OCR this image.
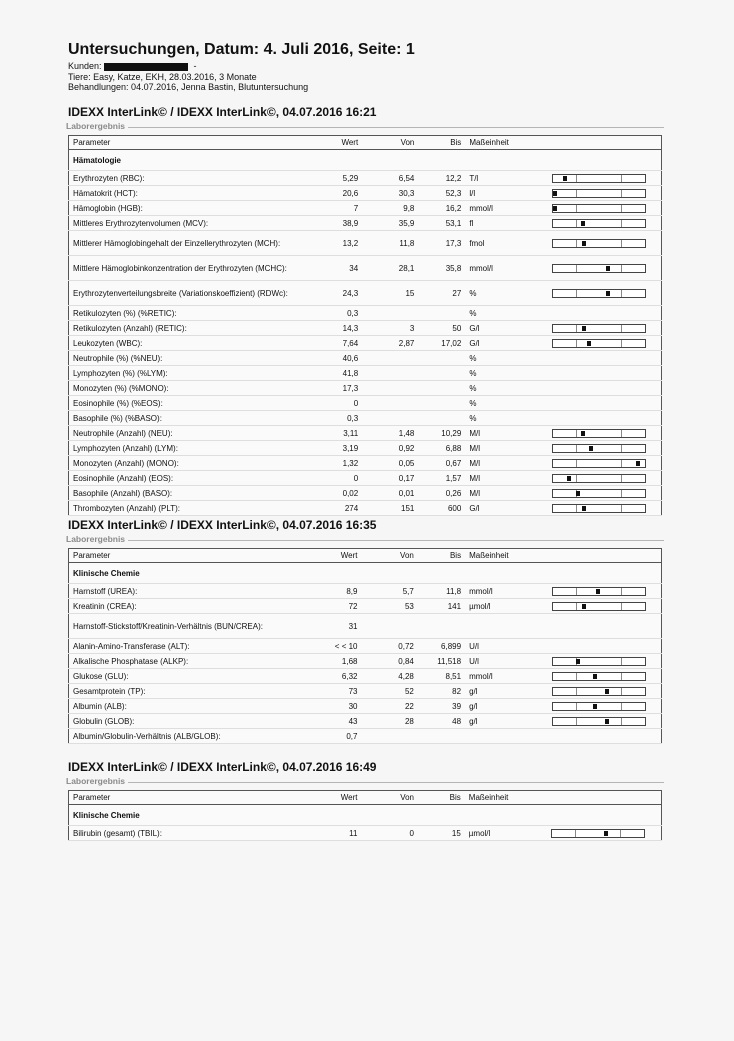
Untersuchungen, Datum: 4. Juli 2016, Seite: 1
Kunden:	-
Tiere: Easy, Katze, EKH, 28.03.2016, 3 Monate
Behandlungen: 04.07.2016, Jenna Bastin, Blutuntersuchung
IDEXX InterLink© / IDEXX InterLink©, 04.07.2016 16:21
Laborergebnis
Parameter	Wert	Von	Bis	Maßeinheit	
Hämatologie					
Erythrozyten (RBC):	5,29	6,54	12,2	T/l	

Hämatokrit (HCT):	20,6	30,3	52,3	l/l	

Hämoglobin (HGB):	7	9,8	16,2	mmol/l	

Mittleres Erythrozytenvolumen (MCV):	38,9	35,9	53,1	fl	

Mittlerer Hämoglobingehalt der Einzellerythrozyten (MCH):	13,2	11,8	17,3	fmol	

Mittlere Hämoglobinkonzentration der Erythrozyten (MCHC):	34	28,1	35,8	mmol/l	

Erythrozytenverteilungsbreite (Variationskoeffizient) (RDWc):	24,3	15	27	%	

Retikulozyten (%) (%RETIC):	0,3			%	
Retikulozyten (Anzahl) (RETIC):	14,3	3	50	G/l	

Leukozyten (WBC):	7,64	2,87	17,02	G/l	

Neutrophile (%) (%NEU):	40,6			%	
Lymphozyten (%) (%LYM):	41,8			%	
Monozyten (%) (%MONO):	17,3			%	
Eosinophile (%) (%EOS):	0			%	
Basophile (%) (%BASO):	0,3			%	
Neutrophile (Anzahl) (NEU):	3,11	1,48	10,29	M/l	

Lymphozyten (Anzahl) (LYM):	3,19	0,92	6,88	M/l	

Monozyten (Anzahl) (MONO):	1,32	0,05	0,67	M/l	

Eosinophile (Anzahl) (EOS):	0	0,17	1,57	M/l	

Basophile (Anzahl) (BASO):	0,02	0,01	0,26	M/l	

Thrombozyten (Anzahl) (PLT):	274	151	600	G/l	
IDEXX InterLink© / IDEXX InterLink©, 04.07.2016 16:35
Laborergebnis
Parameter	Wert	Von	Bis	Maßeinheit	
Klinische Chemie					
Harnstoff (UREA):	8,9	5,7	11,8	mmol/l	

Kreatinin (CREA):	72	53	141	µmol/l	

Harnstoff-Stickstoff/Kreatinin-Verhältnis (BUN/CREA):	31				
Alanin-Amino-Transferase (ALT):	< < 10	0,72	6,899	U/l	
Alkalische Phosphatase (ALKP):	1,68	0,84	11,518	U/l	

Glukose (GLU):	6,32	4,28	8,51	mmol/l	

Gesamtprotein (TP):	73	52	82	g/l	

Albumin (ALB):	30	22	39	g/l	

Globulin (GLOB):	43	28	48	g/l	

Albumin/Globulin-Verhältnis (ALB/GLOB):	0,7				
IDEXX InterLink© / IDEXX InterLink©, 04.07.2016 16:49
Laborergebnis
Parameter	Wert	Von	Bis	Maßeinheit	
Klinische Chemie					
Bilirubin (gesamt) (TBIL):	11	0	15	µmol/l	
